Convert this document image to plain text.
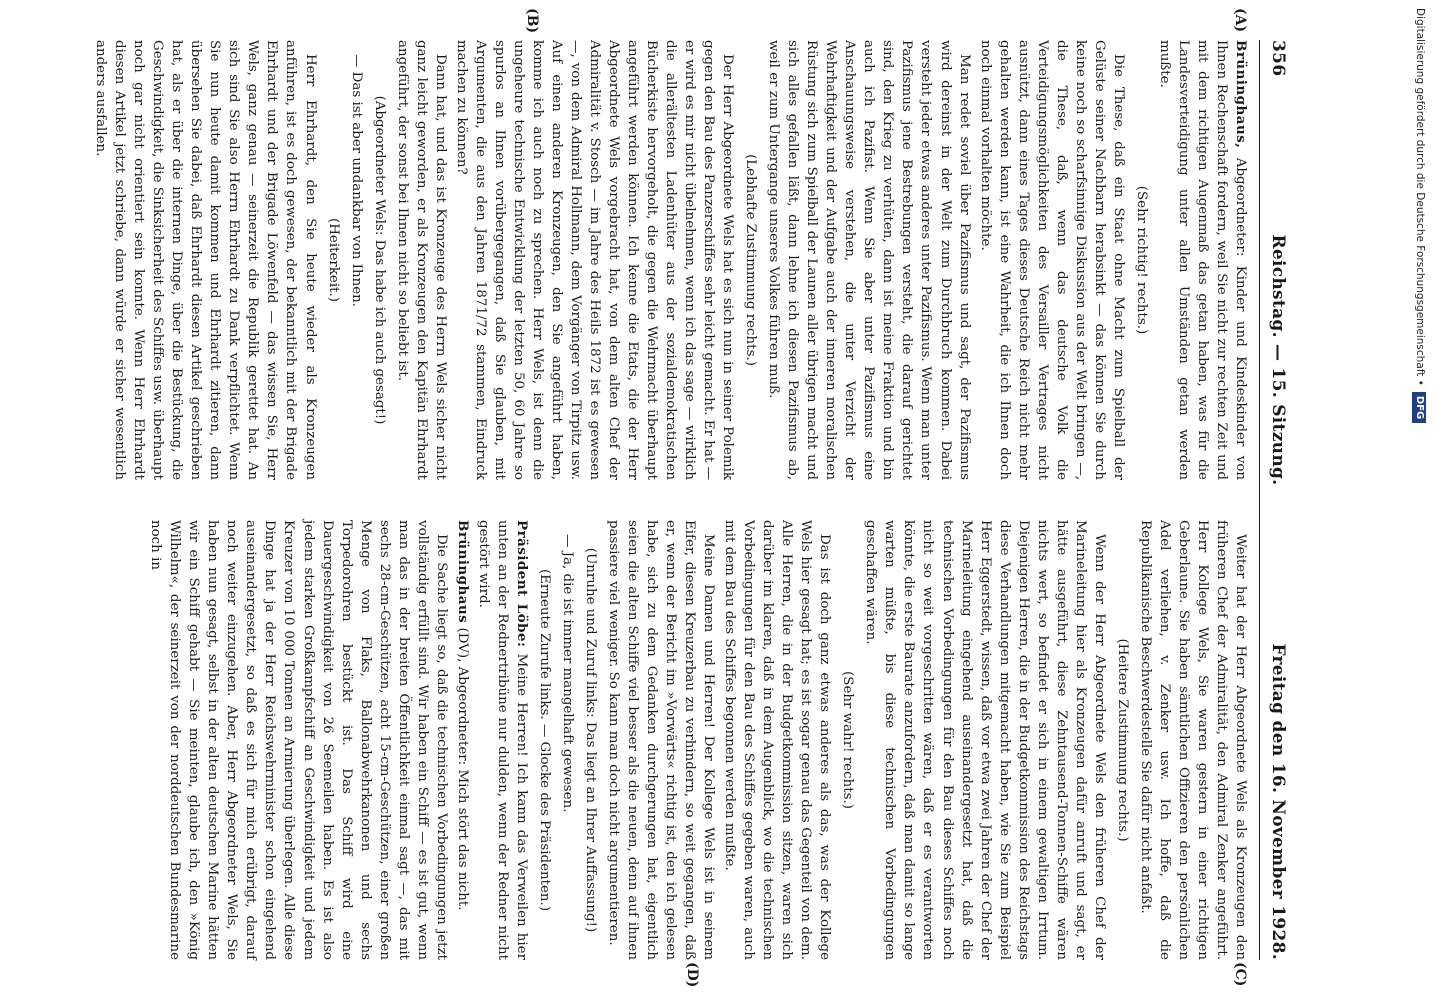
356
Reichstag. — 15. Sitzung.
Freitag den 16. November 1928.
(A)
(B)
(C)
(D)

Brüninghaus, Abgeordneter: Kinder und Kindeskinder von Ihnen Rechenschaft fordern, weil Sie nicht zur rechten Zeit und mit dem richtigen Augenmaß das getan haben, was für die Landesverteidigung unter allen Umständen getan werden mußte.

(Sehr richtig! rechts.)

Die These, daß ein Staat ohne Macht zum Spielball der Gelüste seiner Nachbarn herabsinkt — das können Sie durch keine noch so scharfsinnige Diskussion aus der Welt bringen —, die These, daß, wenn das deutsche Volk die Verteidigungsmöglichkeiten des Versailler Vertrages nicht ausnützt, dann eines Tages dieses Deutsche Reich nicht mehr gehalten werden kann, ist eine Wahrheit, die ich Ihnen doch noch einmal vorhalten möchte.

Man redet soviel über Pazifismus und sagt, der Pazifismus wird dereinst in der Welt zum Durchbruch kommen. Dabei versteht jeder etwas anderes unter Pazifismus. Wenn man unter Pazifismus jene Bestrebungen versteht, die darauf gerichtet sind, den Krieg zu verhüten, dann ist meine Fraktion und bin auch ich Pazifist. Wenn Sie aber unter Pazifismus eine Anschauungsweise verstehen, die unter Verzicht der Wehrhaftigkeit und der Aufgabe auch der inneren moralischen Rüstung sich zum Spielball der Launen aller übrigen macht und sich alles gefallen läßt, dann lehne ich diesen Pazifismus ab, weil er zum Untergange unseres Volkes führen muß.

(Lebhafte Zustimmung rechts.)

Der Herr Abgeordnete Wels hat es sich nun in seiner Polemik gegen den Bau des Panzerschiffes sehr leicht gemacht. Er hat — er wird es mir nicht übelnehmen, wenn ich das sage — wirklich die allerältesten Ladenhüter aus der sozialdemokratischen Bücherkiste hervorgeholt, die gegen die Wehrmacht überhaupt angeführt werden können. Ich kenne die Etats, die der Herr Abgeordnete Wels vorgebracht hat, von dem alten Chef der Admiralität v. Stosch — im Jahre des Heils 1872 ist es gewesen —, von dem Admiral Hollmann, dem Vorgänger von Tirpitz usw. Auf einen anderen Kronzeugen, den Sie angeführt haben, komme ich auch noch zu sprechen. Herr Wels, ist denn die ungeheure technische Entwicklung der letzten 50, 60 Jahre so spurlos an Ihnen vorübergegangen, daß Sie glauben, mit Argumenten, die aus den Jahren 1871/72 stammen, Eindruck machen zu können?

Dann hat, und das ist Kronzeuge des Herrn Wels sicher nicht ganz leicht geworden, er als Kronzeugen den Kapitän Ehrhardt angeführt, der sonst bei Ihnen nicht so beliebt ist.

(Abgeordneter Wels: Das habe ich auch gesagt!)

— Das ist aber undankbar von Ihnen.

(Heiterkeit.)

Herr Ehrhardt, den Sie heute wieder als Kronzeugen anführen, ist es doch gewesen, der bekanntlich mit der Brigade Ehrhardt und der Brigade Löwenfeld — das wissen Sie, Herr Wels, ganz genau — seinerzeit die Republik gerettet hat. An sich sind Sie also Herrn Ehrhardt zu Dank verpflichtet. Wenn Sie nun heute damit kommen und Ehrhardt zitieren, dann übersehen Sie dabei, daß Ehrhardt diesen Artikel geschrieben hat, als er über die internen Dinge, über die Bestückung, die Geschwindigkeit, die Sinksicherheit des Schiffes usw. überhaupt noch gar nicht orientiert sein konnte. Wenn Herr Ehrhardt diesen Artikel jetzt schriebe, dann würde er sicher wesentlich anders ausfallen.

Weiter hat der Herr Abgeordnete Wels als Kronzeugen den früheren Chef der Admiralität, den Admiral Zenker angeführt. Herr Kollege Wels, Sie waren gestern in einer richtigen Geberlaune. Sie haben sämtlichen Offizieren den persönlichen Adel verliehen, v. Zenker usw. Ich hoffe, daß die Republikanische Beschwerdestelle Sie dafür nicht anfaßt.

(Heitere Zustimmung rechts.)

Wenn der Herr Abgeordnete Wels den früheren Chef der Marineleitung hier als Kronzeugen dafür anruft und sagt, er hätte ausgeführt, diese Zehntausend-Tonnen-Schiffe wären nichts wert, so befindet er sich in einem gewaltigen Irrtum. Diejenigen Herren, die in der Budgetkommission des Reichstags diese Verhandlungen mitgemacht haben, wie Sie zum Beispiel Herr Eggerstedt, wissen, daß vor etwa zwei Jahren der Chef der Marineleitung eingehend auseinandergesetzt hat, daß die technischen Vorbedingungen für den Bau dieses Schiffes noch nicht so weit vorgeschritten wären, daß er es verantworten könnte, die erste Baurate anzufordern, daß man damit so lange warten müßte, bis diese technischen Vorbedingungen geschaffen wären.

(Sehr wahr! rechts.)

Das ist doch ganz etwas anderes als das, was der Kollege Wels hier gesagt hat; es ist sogar genau das Gegenteil von dem. Alle Herren, die in der Budgetkommission sitzen, waren sich darüber im klaren, daß in dem Augenblick, wo die technischen Vorbedingungen für den Bau des Schiffes gegeben waren, auch mit dem Bau des Schiffes begonnen werden mußte.

Meine Damen und Herren! Der Kollege Wels ist in seinem Eifer, diesen Kreuzerbau zu verhindern, so weit gegangen, daß er, wenn der Bericht im »Vorwärts« richtig ist, den ich gelesen habe, sich zu dem Gedanken durchgerungen hat, eigentlich seien die alten Schiffe viel besser als die neuen, denn auf ihnen passiere viel weniger. So kann man doch nicht argumentieren.

(Unruhe und Zuruf links: Das liegt an Ihrer Auffassung!)

— Ja, die ist immer mangelhaft gewesen.

(Erneute Zurufe links. — Glocke des Präsidenten.)

Präsident Löbe: Meine Herren! Ich kann das Verweilen hier unten an der Rednertribüne nur dulden, wenn der Redner nicht gestört wird.

Brüninghaus (DV), Abgeordneter: Mich stört das nicht.

Die Sache liegt so, daß die technischen Vorbedingungen jetzt vollständig erfüllt sind. Wir haben ein Schiff — es ist gut, wenn man das in der breiten Öffentlichkeit einmal sagt —, das mit sechs 28-cm-Geschützen, acht 15-cm-Geschützen, einer großen Menge von Flaks, Ballonabwehrkanonen und sechs Torpedorohren bestückt ist. Das Schiff wird eine Dauergeschwindigkeit von 26 Seemeilen haben. Es ist also jedem starken Großkampfschiff an Geschwindigkeit und jedem Kreuzer von 10 000 Tonnen an Armierung überlegen. Alle diese Dinge hat ja der Herr Reichswehrminister schon eingehend auseinandergesetzt, so daß es sich für mich erübrigt, darauf noch weiter einzugehen. Aber, Herr Abgeordneter Wels, Sie haben nun gesagt, selbst in der alten deutschen Marine hätten wir ein Schiff gehabt — Sie meinten, glaube ich, den »König Wilhelm«, der seinerzeit von der norddeutschen Bundesmarine noch in

Digitalisierung gefördert durch die Deutsche Forschungsgemeinschaft •DFG
